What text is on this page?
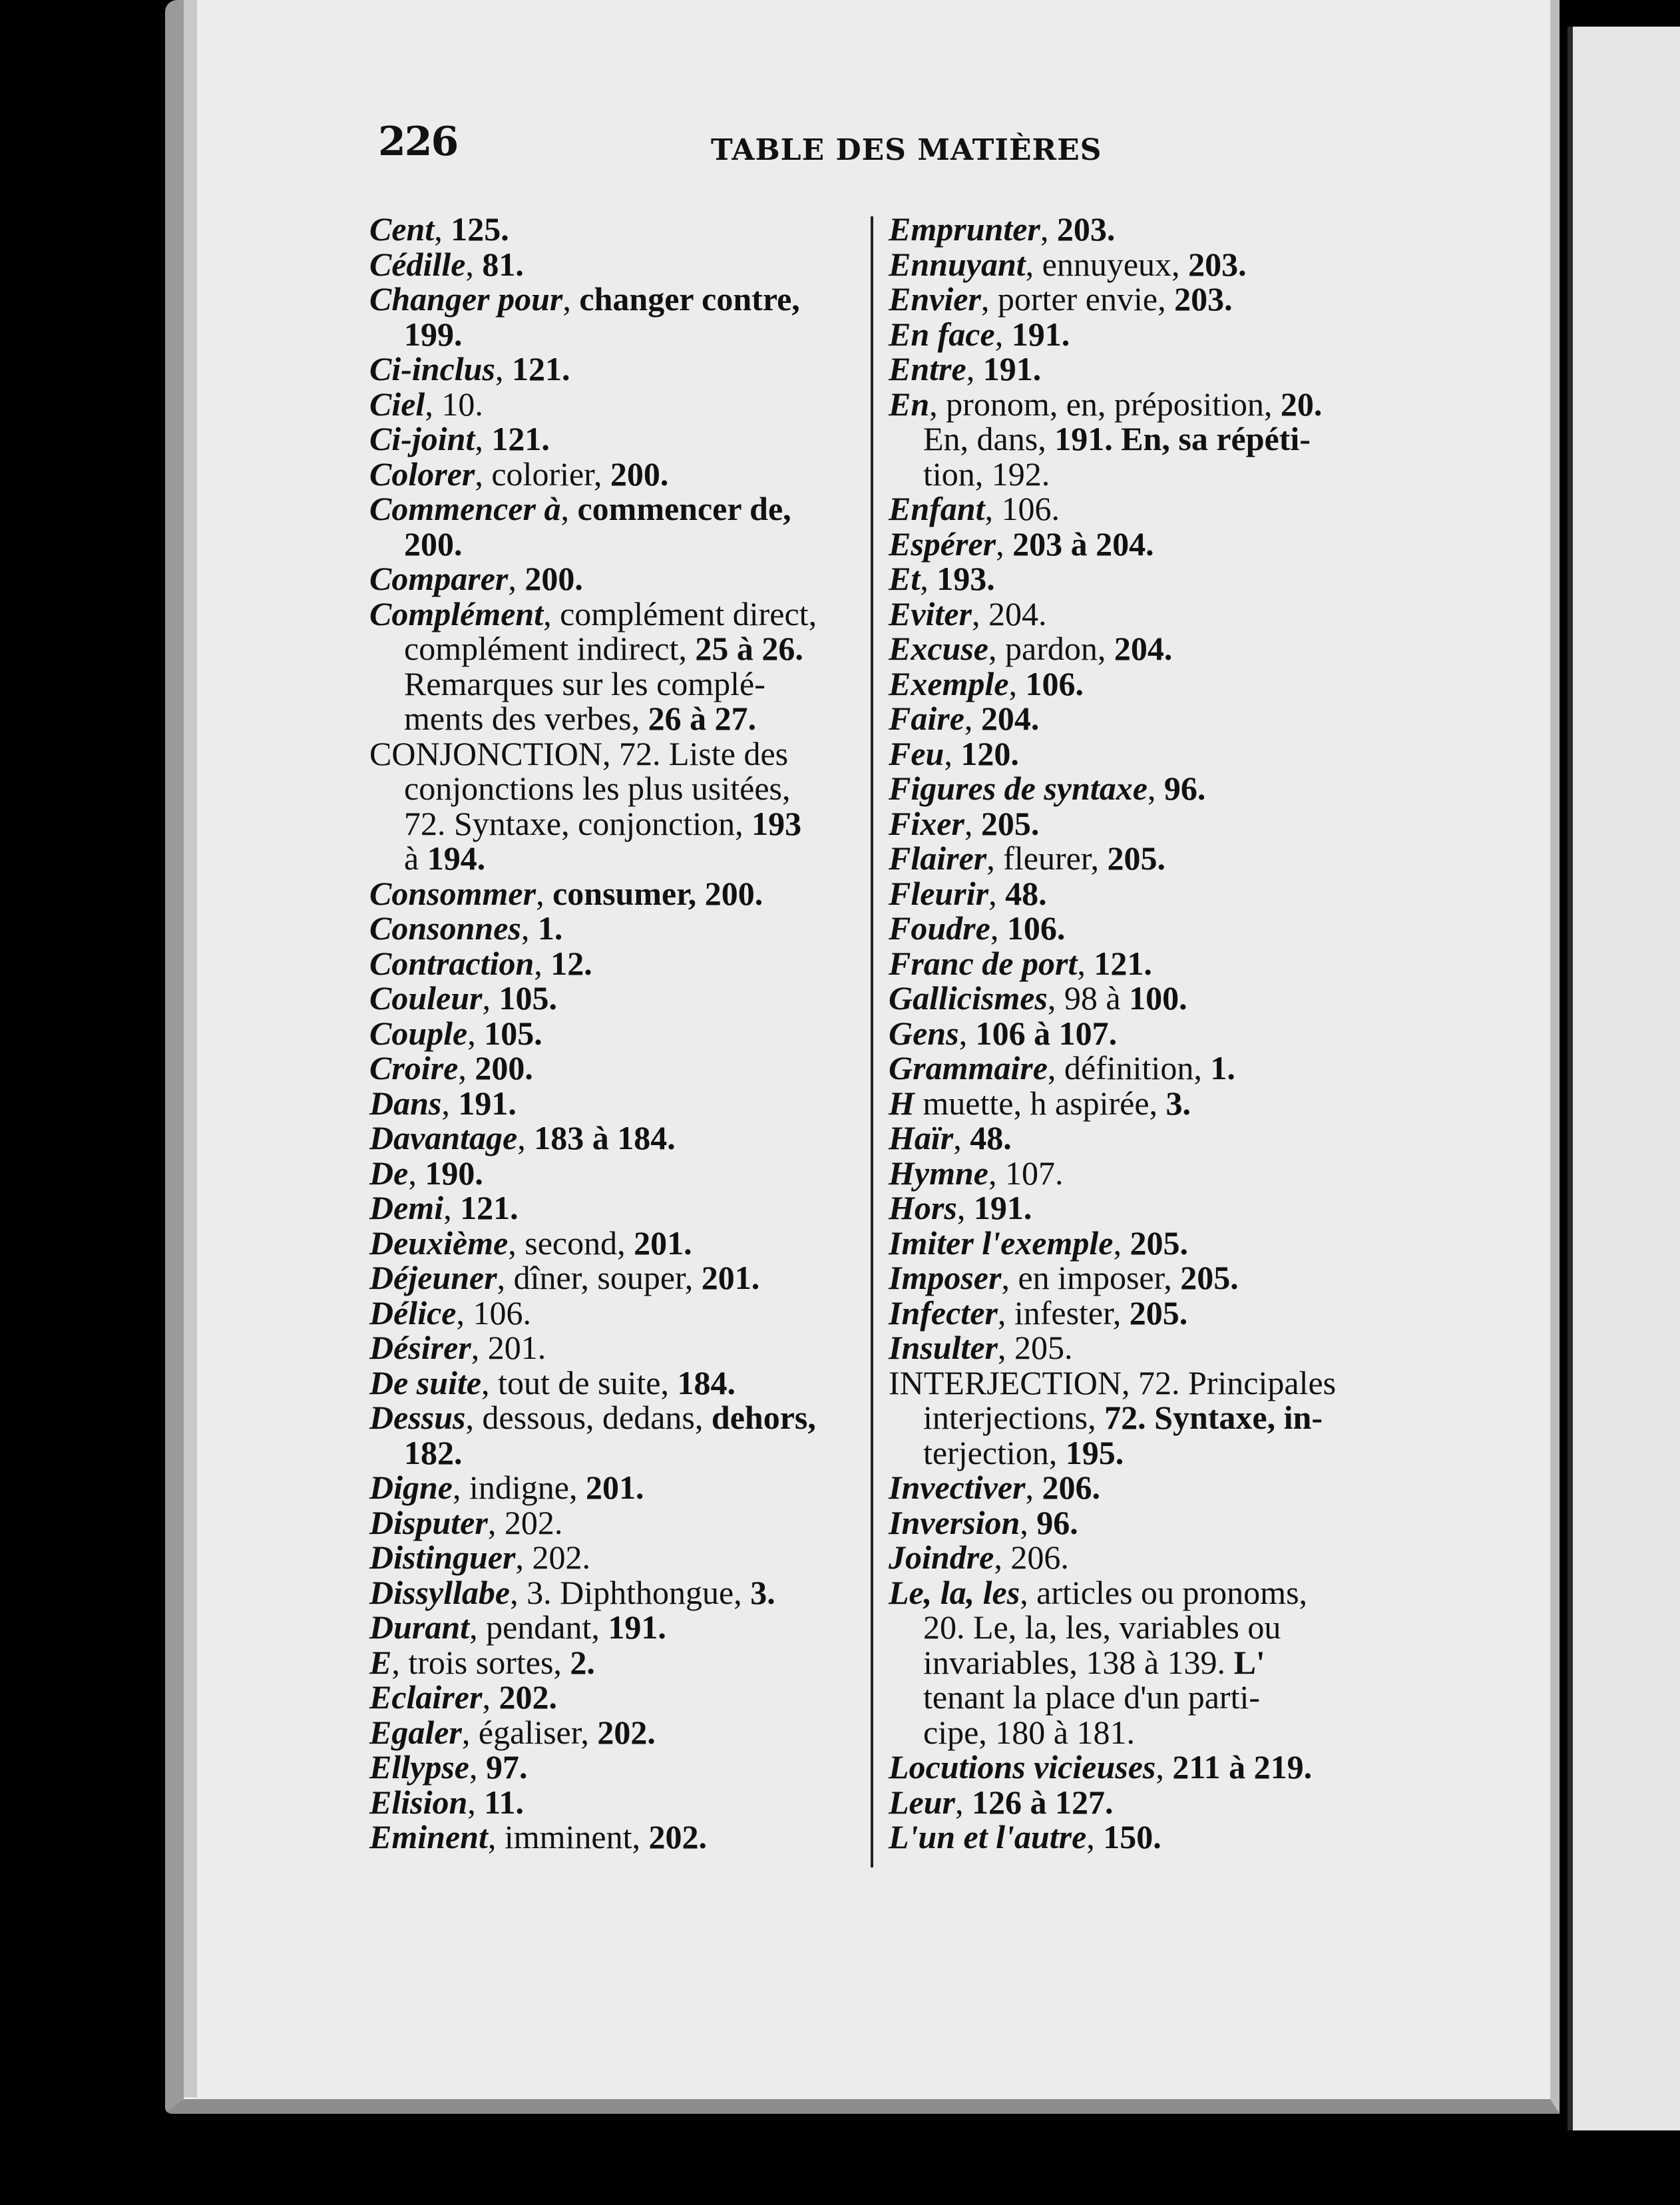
226	TABLE DES MATIÈRES
Cent, 125.
Cédille, 81.
Changer pour, changer contre,
199.
Ci-inclus, 121.
Ciel, 10.
Ci-joint, 121.
Colorer, colorier, 200.
Commencer à, commencer de,
200.
Comparer, 200.
Complément, complément direct,
complément indirect, 25 à 26.
Remarques sur les complé-
ments des verbes, 26 à 27.
CONJONCTION, 72. Liste des
conjonctions les plus usitées,
72. Syntaxe, conjonction, 193
à 194.
Consommer, consumer, 200.
Consonnes, 1.
Contraction, 12.
Couleur, 105.
Couple, 105.
Croire, 200.
Dans, 191.
Davantage, 183 à 184.
De, 190.
Demi, 121.
Deuxième, second, 201.
Déjeuner, dîner, souper, 201.
Délice, 106.
Désirer, 201.
De suite, tout de suite, 184.
Dessus, dessous, dedans, dehors,
182.
Digne, indigne, 201.
Disputer, 202.
Distinguer, 202.
Dissyllabe, 3. Diphthongue, 3.
Durant, pendant, 191.
E, trois sortes, 2.
Eclairer, 202.
Egaler, égaliser, 202.
Ellypse, 97.
Elision, 11.
Eminent, imminent, 202.
Emprunter, 203.
Ennuyant, ennuyeux, 203.
Envier, porter envie, 203.
En face, 191.
Entre, 191.
En, pronom, en, préposition, 20.
En, dans, 191. En, sa répéti-
tion, 192.
Enfant, 106.
Espérer, 203 à 204.
Et, 193.
Eviter, 204.
Excuse, pardon, 204.
Exemple, 106.
Faire, 204.
Feu, 120.
Figures de syntaxe, 96.
Fixer, 205.
Flairer, fleurer, 205.
Fleurir, 48.
Foudre, 106.
Franc de port, 121.
Gallicismes, 98 à 100.
Gens, 106 à 107.
Grammaire, définition, 1.
H muette, h aspirée, 3.
Haïr, 48.
Hymne, 107.
Hors, 191.
Imiter l'exemple, 205.
Imposer, en imposer, 205.
Infecter, infester, 205.
Insulter, 205.
INTERJECTION, 72. Principales
interjections, 72. Syntaxe, in-
terjection, 195.
Invectiver, 206.
Inversion, 96.
Joindre, 206.
Le, la, les, articles ou pronoms,
20. Le, la, les, variables ou
invariables, 138 à 139. L'
tenant la place d'un parti-
cipe, 180 à 181.
Locutions vicieuses, 211 à 219.
Leur, 126 à 127.
L'un et l'autre, 150.
